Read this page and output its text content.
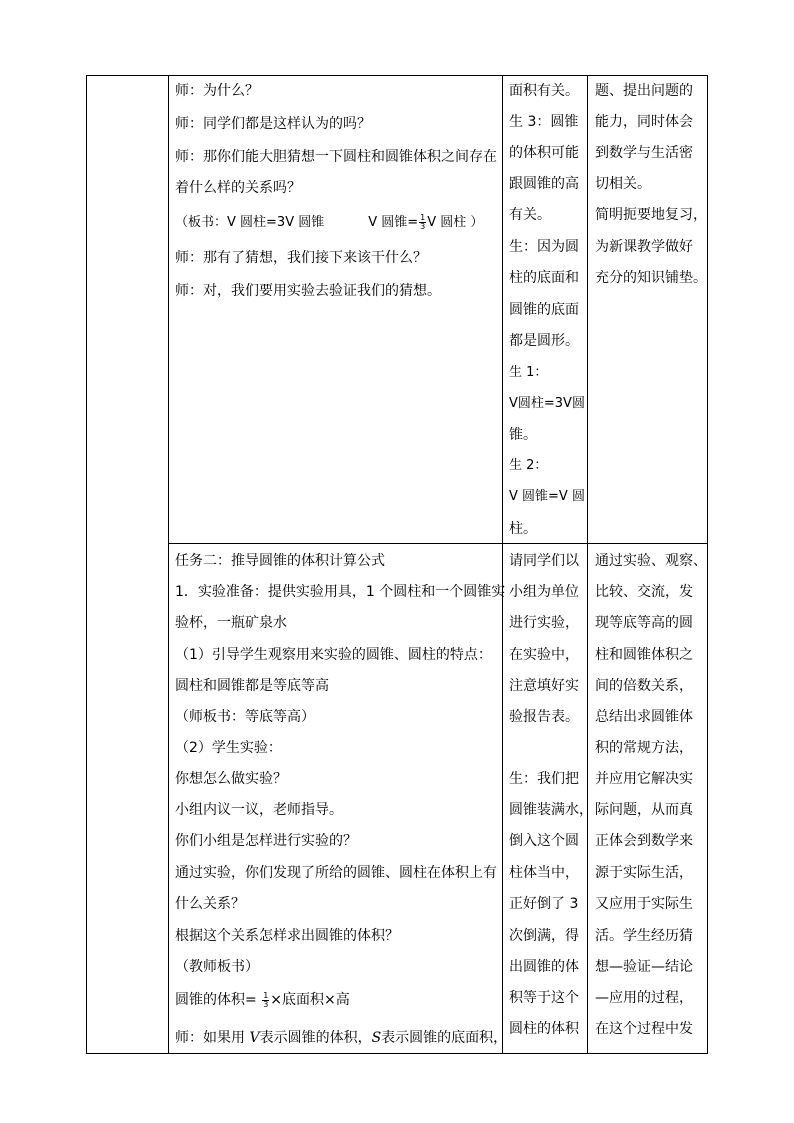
师：为什么？
师：同学们都是这样认为的吗？
师：那你们能大胆猜想一下圆柱和圆锥体积之间存在
着什么样的关系吗？
（板书：V 圆柱=3V 圆锥	V 圆锥= $\frac{1}{3}$ V 圆柱 ）
师：那有了猜想，我们接下来该干什么？
师：对，我们要用实验去验证我们的猜想。
面积有关。
生 3：圆锥
的体积可能
跟圆锥的高
有关。
生：因为圆
柱的底面和
圆锥的底面
都是圆形。
生 1：
V圆柱=3V圆
锥。
生 2：
V 圆锥=V 圆
柱。
题、提出问题的
能力，同时体会
到数学与生活密
切相关。
简明扼要地复习，
为新课教学做好
充分的知识铺垫。
任务二：推导圆锥的体积计算公式
1．实验准备：提供实验用具，1 个圆柱和一个圆锥实
验杯，一瓶矿泉水
（1）引导学生观察用来实验的圆锥、圆柱的特点：
圆柱和圆锥都是等底等高
（师板书：等底等高）
（2）学生实验：
你想怎么做实验？
小组内议一议，老师指导。
你们小组是怎样进行实验的？
通过实验，你们发现了所给的圆锥、圆柱在体积上有
什么关系？
根据这个关系怎样求出圆锥的体积？
（教师板书）
圆锥的体积= $\frac{1}{3}$ ×底面积×高
师：如果用 V表示圆锥的体积，S表示圆锥的底面积，
请同学们以
小组为单位
进行实验，
在实验中，
注意填好实
验报告表。
生：我们把
圆锥装满水，
倒入这个圆
柱体当中，
正好倒了 3
次倒满，得
出圆锥的体
积等于这个
圆柱的体积
通过实验、观察、
比较、交流，发
现等底等高的圆
柱和圆锥体积之
间的倍数关系，
总结出求圆锥体
积的常规方法，
并应用它解决实
际问题，从而真
正体会到数学来
源于实际生活，
又应用于实际生
活。学生经历猜
想—验证—结论
—应用的过程，
在这个过程中发
